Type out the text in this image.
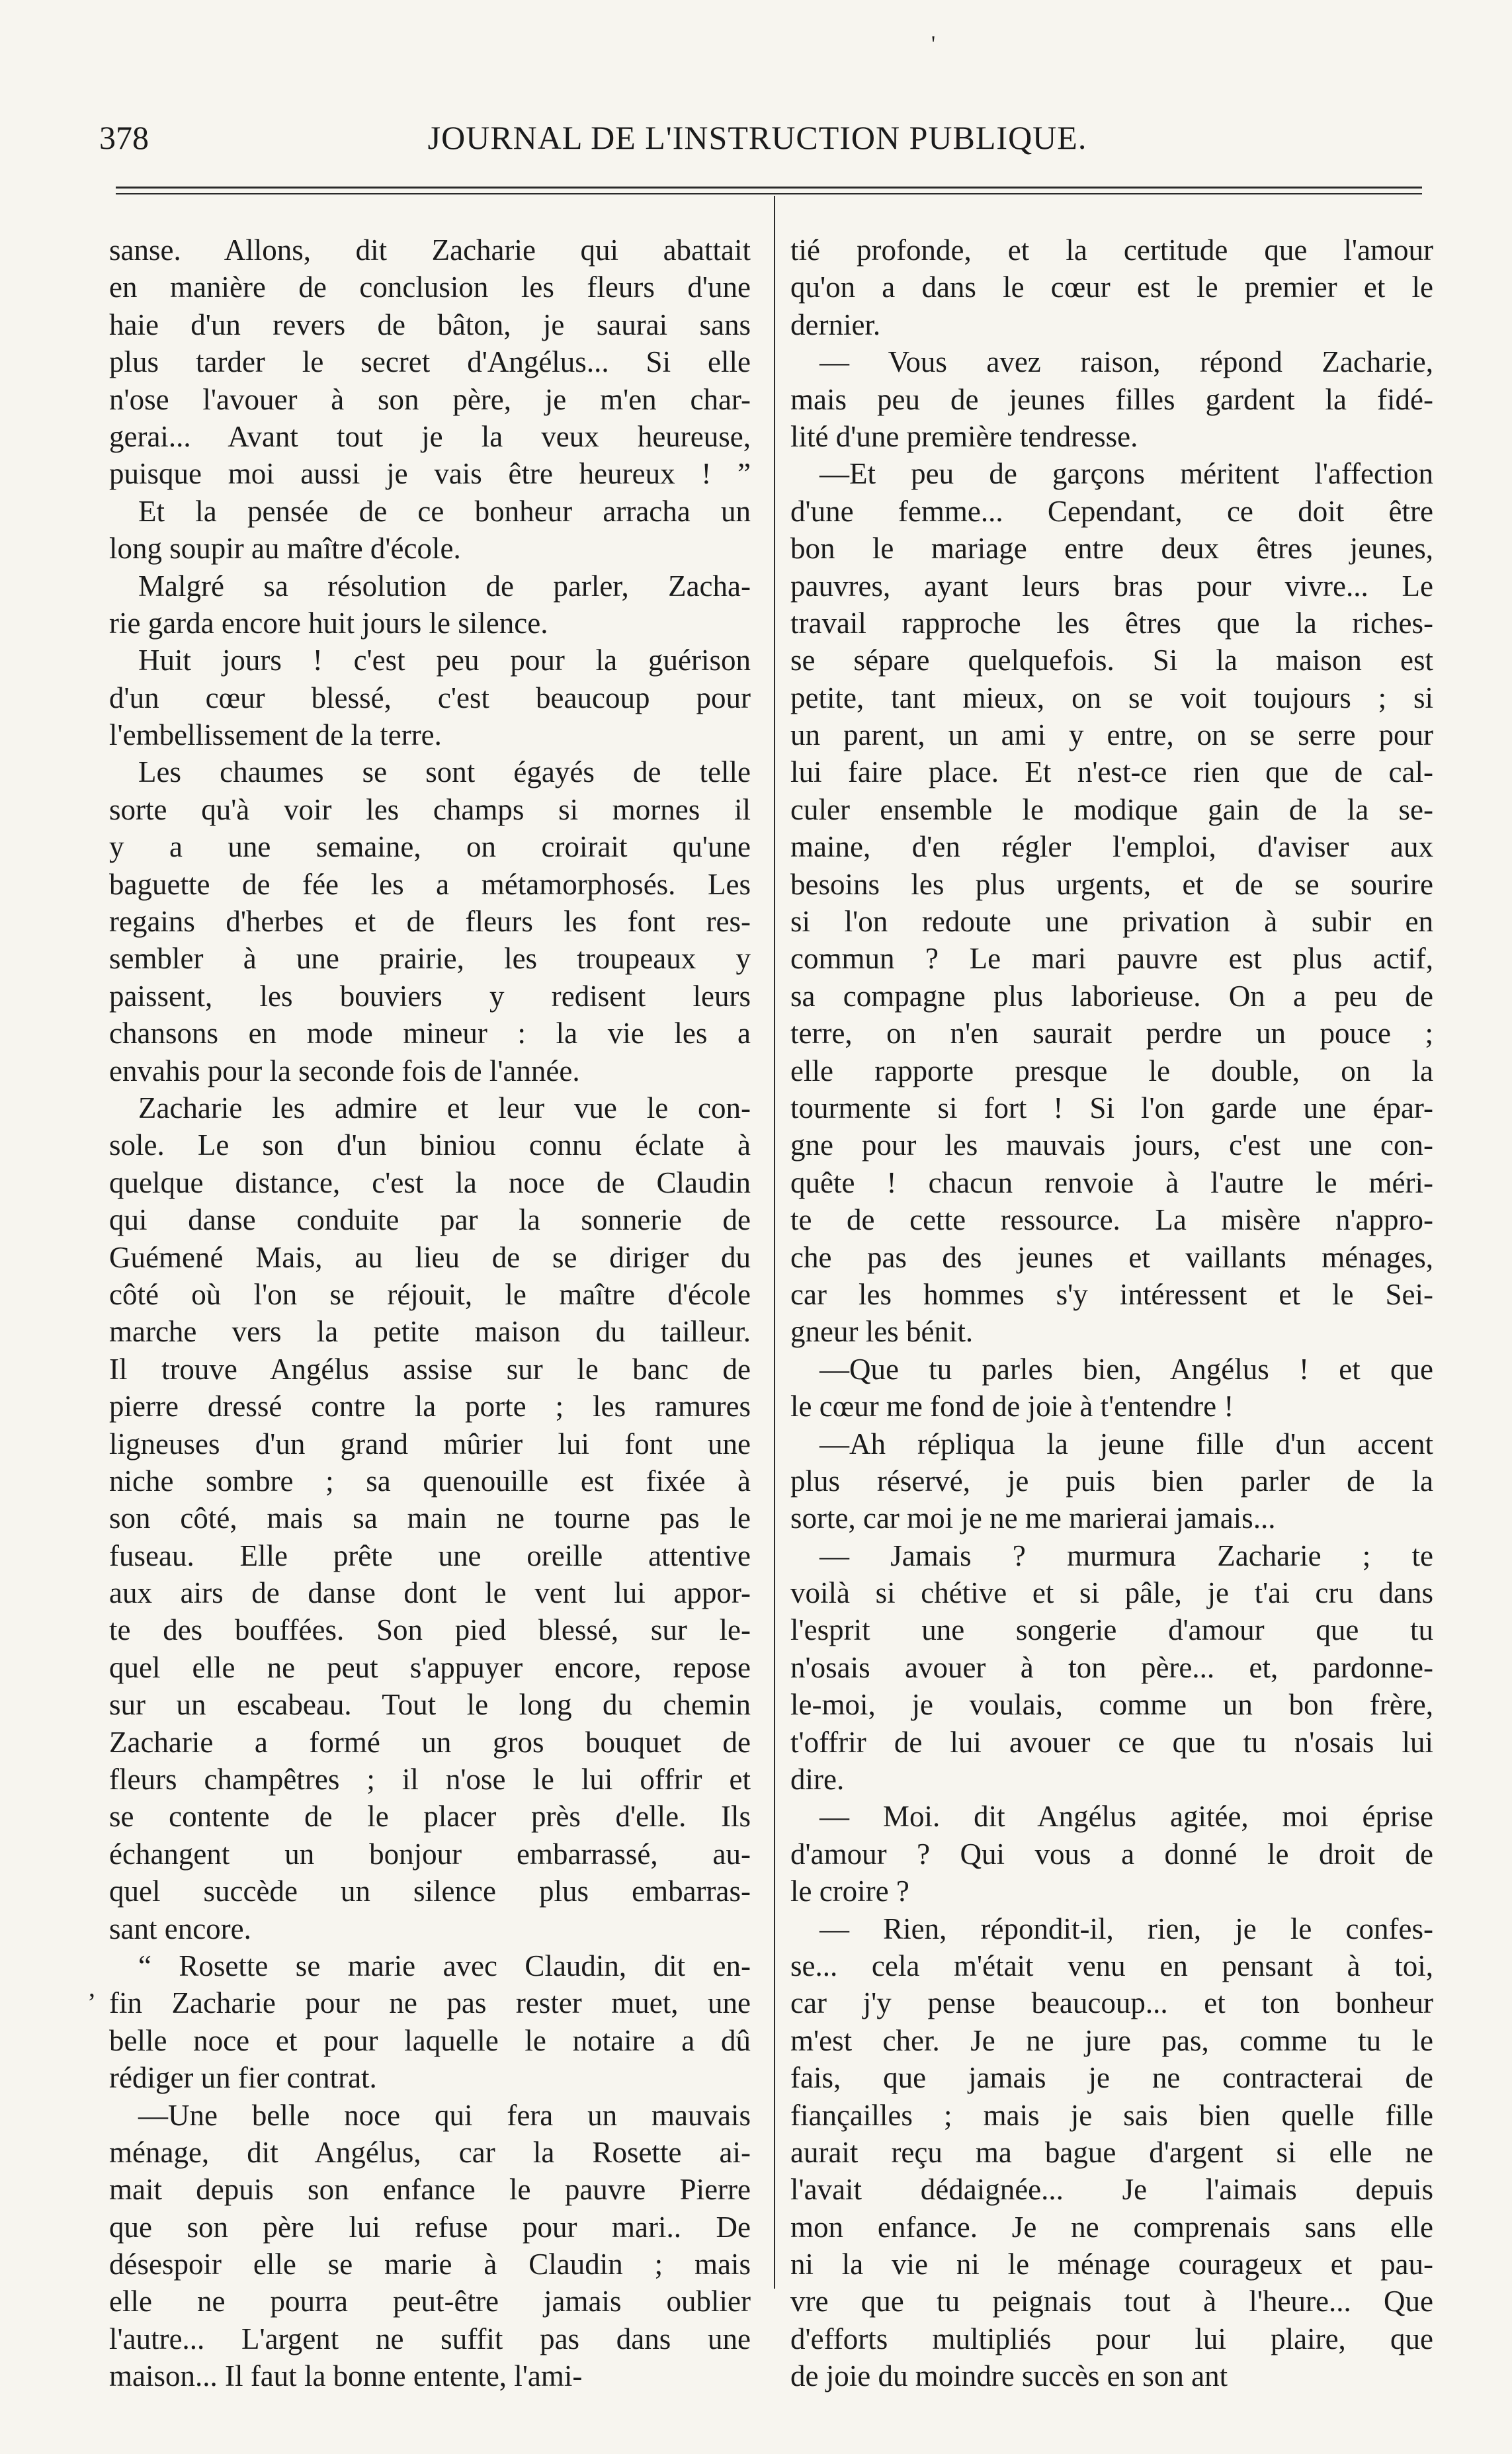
'
378	JOURNAL DE L'INSTRUCTION PUBLIQUE.
‚
sanse. Allons, dit Zacharie qui abattait
en manière de conclusion les fleurs d'une
haie d'un revers de bâton, je saurai sans
plus tarder le secret d'Angélus... Si elle
n'ose l'avouer à son père, je m'en char-
gerai... Avant tout je la veux heureuse,
puisque moi aussi je vais être heureux ! ”
Et la pensée de ce bonheur arracha un
long soupir au maître d'école.
Malgré sa résolution de parler, Zacha-
rie garda encore huit jours le silence.
Huit jours ! c'est peu pour la guérison
d'un cœur blessé, c'est beaucoup pour
l'embellissement de la terre.
Les chaumes se sont égayés de telle
sorte qu'à voir les champs si mornes il
y a une semaine, on croirait qu'une
baguette de fée les a métamorphosés. Les
regains d'herbes et de fleurs les font res-
sembler à une prairie, les troupeaux y
paissent, les bouviers y redisent leurs
chansons en mode mineur : la vie les a
envahis pour la seconde fois de l'année.
Zacharie les admire et leur vue le con-
sole. Le son d'un biniou connu éclate à
quelque distance, c'est la noce de Claudin
qui danse conduite par la sonnerie de
Guémené Mais, au lieu de se diriger du
côté où l'on se réjouit, le maître d'école
marche vers la petite maison du tailleur.
Il trouve Angélus assise sur le banc de
pierre dressé contre la porte ; les ramures
ligneuses d'un grand mûrier lui font une
niche sombre ; sa quenouille est fixée à
son côté, mais sa main ne tourne pas le
fuseau. Elle prête une oreille attentive
aux airs de danse dont le vent lui appor-
te des bouffées. Son pied blessé, sur le-
quel elle ne peut s'appuyer encore, repose
sur un escabeau. Tout le long du chemin
Zacharie a formé un gros bouquet de
fleurs champêtres ; il n'ose le lui offrir et
se contente de le placer près d'elle. Ils
échangent un bonjour embarrassé, au-
quel succède un silence plus embarras-
sant encore.
“ Rosette se marie avec Claudin, dit en-
fin Zacharie pour ne pas rester muet, une
belle noce et pour laquelle le notaire a dû
rédiger un fier contrat.
—Une belle noce qui fera un mauvais
ménage, dit Angélus, car la Rosette ai-
mait depuis son enfance le pauvre Pierre
que son père lui refuse pour mari.. De
désespoir elle se marie à Claudin ; mais
elle ne pourra peut-être jamais oublier
l'autre... L'argent ne suffit pas dans une
maison... Il faut la bonne entente, l'ami-
tié profonde, et la certitude que l'amour
qu'on a dans le cœur est le premier et le
dernier.
— Vous avez raison, répond Zacharie,
mais peu de jeunes filles gardent la fidé-
lité d'une première tendresse.
—Et peu de garçons méritent l'affection
d'une femme... Cependant, ce doit être
bon le mariage entre deux êtres jeunes,
pauvres, ayant leurs bras pour vivre... Le
travail rapproche les êtres que la riches-
se sépare quelquefois. Si la maison est
petite, tant mieux, on se voit toujours ; si
un parent, un ami y entre, on se serre pour
lui faire place. Et n'est-ce rien que de cal-
culer ensemble le modique gain de la se-
maine, d'en régler l'emploi, d'aviser aux
besoins les plus urgents, et de se sourire
si l'on redoute une privation à subir en
commun ? Le mari pauvre est plus actif,
sa compagne plus laborieuse. On a peu de
terre, on n'en saurait perdre un pouce ;
elle rapporte presque le double, on la
tourmente si fort ! Si l'on garde une épar-
gne pour les mauvais jours, c'est une con-
quête ! chacun renvoie à l'autre le méri-
te de cette ressource. La misère n'appro-
che pas des jeunes et vaillants ménages,
car les hommes s'y intéressent et le Sei-
gneur les bénit.
—Que tu parles bien, Angélus ! et que
le cœur me fond de joie à t'entendre !
—Ah répliqua la jeune fille d'un accent
plus réservé, je puis bien parler de la
sorte, car moi je ne me marierai jamais...
— Jamais ? murmura Zacharie ; te
voilà si chétive et si pâle, je t'ai cru dans
l'esprit une songerie d'amour que tu
n'osais avouer à ton père... et, pardonne-
le-moi, je voulais, comme un bon frère,
t'offrir de lui avouer ce que tu n'osais lui
dire.
— Moi. dit Angélus agitée, moi éprise
d'amour ? Qui vous a donné le droit de
le croire ?
— Rien, répondit-il, rien, je le confes-
se... cela m'était venu en pensant à toi,
car j'y pense beaucoup... et ton bonheur
m'est cher. Je ne jure pas, comme tu le
fais, que jamais je ne contracterai de
fiançailles ; mais je sais bien quelle fille
aurait reçu ma bague d'argent si elle ne
l'avait dédaignée... Je l'aimais depuis
mon enfance. Je ne comprenais sans elle
ni la vie ni le ménage courageux et pau-
vre que tu peignais tout à l'heure... Que
d'efforts multipliés pour lui plaire, que
de joie du moindre succès en son ant
